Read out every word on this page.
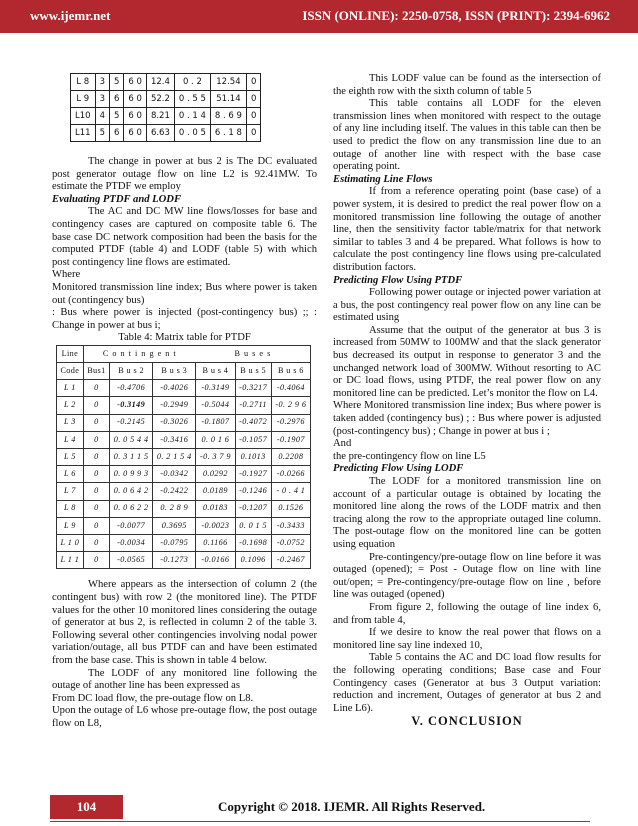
www.ijemr.net	ISSN (ONLINE): 2250-0758, ISSN (PRINT): 2394-6962
L 8	3	5	6 0	12.4	0 . 2	12.54	0
L 9	3	6	6 0	52.2	0 . 5 5	51.14	0
L10	4	5	6 0	8.21	0 . 1 4	8 . 6 9	0
L11	5	6	6 0	6.63	0 . 0 5	6 . 1 8	0

The change in power at bus 2 is The DC evaluated post generator outage flow on line L2 is 92.41MW. To estimate the PTDF we employ

Evaluating PTDF and LODF

The AC and DC MW line flows/losses for base and contingency cases are captured on composite table 6. The base case DC network composition had been the basis for the computed PTDF (table 4) and LODF (table 5) with which post contingency line flows are estimated.

Where

Monitored transmission line index; Bus where power is taken out (contingency bus)

: Bus where power is injected (post-contingency bus) ;; : Change in power at bus i;

Table 4: Matrix table for PTDF

Line	C o n t i n g e n t			B u s e s		
Code	Bus1	B u s 2	B u s 3	B u s 4	B u s 5	B u s 6
L 1	0	-0.4706	-0.4026	-0.3149	-0.3217	-0.4064
L 2	0	-0.3149	-0.2949	-0.5044	-0.2711	-0. 2 9 6
L 3	0	-0.2145	-0.3026	-0.1807	-0.4072	-0.2976
L 4	0	0. 0 5 4 4	-0.3416	0. 0 1 6	-0.1057	-0.1907
L 5	0	0. 3 1 1 5	0. 2 1 5 4	-0. 3 7 9	0.1013	0.2208
L 6	0	0. 0 9 9 3	-0.0342	0.0292	-0.1927	-0.0266
L 7	0	0. 0 6 4 2	-0.2422	0.0189	-0.1246	- 0 . 4 1
L 8	0	0. 0 6 2 2	0. 2 8 9	0.0183	-0.1207	0.1526
L 9	0	-0.0077	0.3695	-0.0023	0. 0 1 5	-0.3433
L 1 0	0	-0.0034	-0.0795	0.1166	-0.1698	-0.0752
L 1 1	0	-0.0565	-0.1273	-0.0166	0.1096	-0.2467

Where appears as the intersection of column 2 (the contingent bus) with row 2 (the monitored line). The PTDF values for the other 10 monitored lines considering the outage of generator at bus 2, is reflected in column 2 of the table 3. Following several other contingencies involving nodal power variation/outage, all bus PTDF can and have been estimated from the base case. This is shown in table 4 below.

The LODF of any monitored line following the outage of another line has been expressed as

From DC load flow, the pre-outage flow on L8.

Upon the outage of L6 whose pre-outage flow, the post outage flow on L8,

This LODF value can be found as the intersection of the eighth row with the sixth column of table 5

This table contains all LODF for the eleven transmission lines when monitored with respect to the outage of any line including itself. The values in this table can then be used to predict the flow on any transmission line due to an outage of another line with respect with the base case operating point.

Estimating Line Flows

If from a reference operating point (base case) of a power system, it is desired to predict the real power flow on a monitored transmission line following the outage of another line, then the sensitivity factor table/matrix for that network similar to tables 3 and 4 be prepared. What follows is how to calculate the post contingency line flows using pre-calculated distribution factors.

Predicting Flow Using PTDF

Following power outage or injected power variation at a bus, the post contingency real power flow on any line can be estimated using

Assume that the output of the generator at bus 3 is increased from 50MW to 100MW and that the slack generator bus decreased its output in response to generator 3 and the unchanged network load of 300MW. Without resorting to AC or DC load flows, using PTDF, the real power flow on any monitored line can be predicted. Let’s monitor the flow on L4.

Where Monitored transmission line index; Bus where power is taken added (contingency bus) ; : Bus where power is adjusted (post-contingency bus) ; Change in power at bus i ;

And

the pre-contingency flow on line L5

Predicting Flow Using LODF

The LODF for a monitored transmission line on account of a particular outage is obtained by locating the monitored line along the rows of the LODF matrix and then tracing along the row to the appropriate outaged line column. The post-outage flow on the monitored line can be gotten using equation

Pre-contingency/pre-outage flow on line before it was outaged (opened); = Post - Outage flow on line with line out/open; = Pre-contingency/pre-outage flow on line , before line was outaged (opened)

From figure 2, following the outage of line index 6, and from table 4,

If we desire to know the real power that flows on a monitored line say line indexed 10,

Table 5 contains the AC and DC load flow results for the following operating conditions; Base case and Four Contingency cases (Generator at bus 3 Output variation: reduction and increment, Outages of generator at bus 2 and Line L6).

V. CONCLUSION

104	Copyright © 2018. IJEMR. All Rights Reserved.
